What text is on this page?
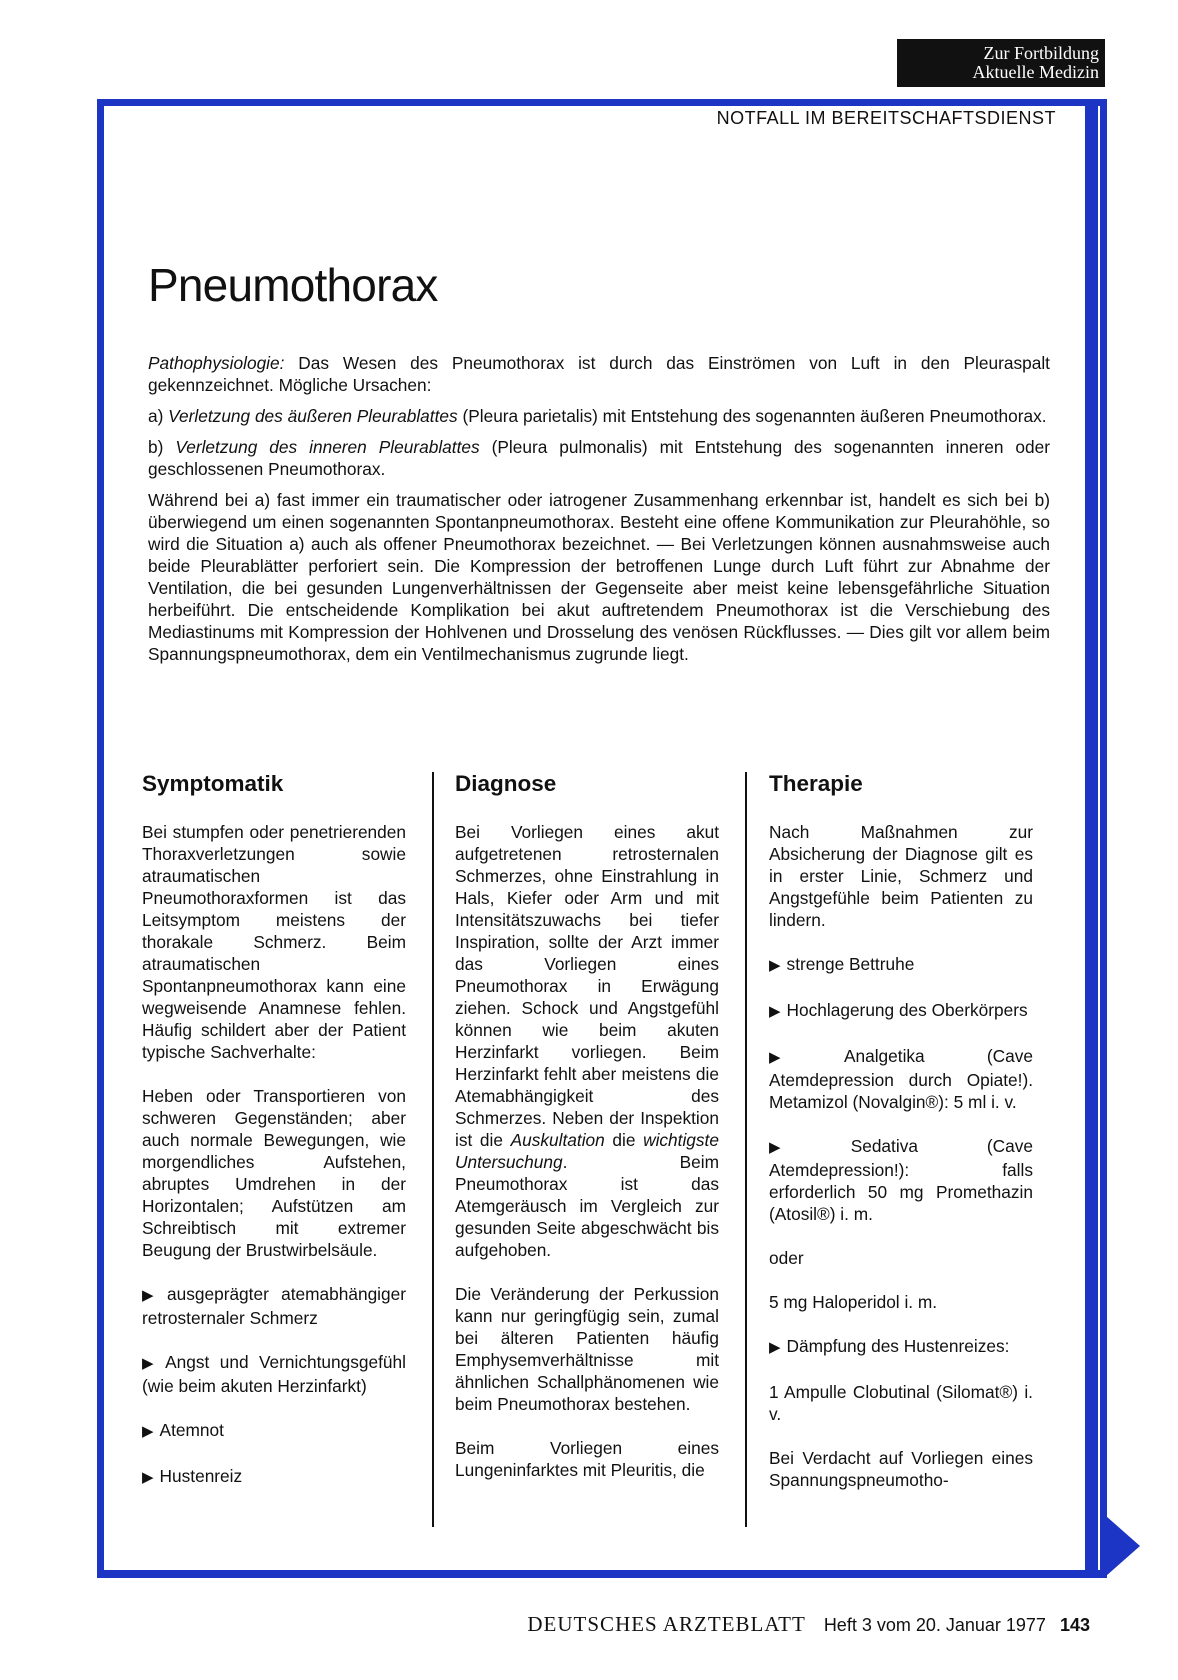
Zur Fortbildung
Aktuelle Medizin
NOTFALL IM BEREITSCHAFTSDIENST
Pneumothorax

Pathophysiologie: Das Wesen des Pneumothorax ist durch das Einströmen von Luft in den Pleuraspalt gekennzeichnet. Mögliche Ursachen:

a) Verletzung des äußeren Pleurablattes (Pleura parietalis) mit Entstehung des sogenannten äußeren Pneumothorax.

b) Verletzung des inneren Pleurablattes (Pleura pulmonalis) mit Entstehung des sogenannten inneren oder geschlossenen Pneumothorax.

Während bei a) fast immer ein traumatischer oder iatrogener Zusammenhang erkennbar ist, handelt es sich bei b) überwiegend um einen sogenannten Spontanpneumothorax. Besteht eine offene Kommunikation zur Pleurahöhle, so wird die Situation a) auch als offener Pneumothorax bezeichnet. — Bei Verletzungen können ausnahmsweise auch beide Pleurablätter perforiert sein. Die Kompression der betroffenen Lunge durch Luft führt zur Abnahme der Ventilation, die bei gesunden Lungenverhältnissen der Gegenseite aber meist keine lebensgefährliche Situation herbeiführt. Die entscheidende Komplikation bei akut auftretendem Pneumothorax ist die Verschiebung des Mediastinums mit Kompression der Hohlvenen und Drosselung des venösen Rückflusses. — Dies gilt vor allem beim Spannungspneumothorax, dem ein Ventilmechanismus zugrunde liegt.

Symptomatik

Bei stumpfen oder penetrierenden Thoraxverletzungen sowie atraumatischen Pneumothoraxformen ist das Leitsymptom meistens der thorakale Schmerz. Beim atraumatischen Spontanpneumothorax kann eine wegweisende Anamnese fehlen. Häufig schildert aber der Patient typische Sachverhalte:

Heben oder Transportieren von schweren Gegenständen; aber auch normale Bewegungen, wie morgendliches Aufstehen, abruptes Umdrehen in der Horizontalen; Aufstützen am Schreibtisch mit extremer Beugung der Brustwirbelsäule.

▶ ausgeprägter atemabhängiger retrosternaler Schmerz

▶ Angst und Vernichtungsgefühl (wie beim akuten Herzinfarkt)

▶ Atemnot

▶ Hustenreiz

Diagnose

Bei Vorliegen eines akut aufgetretenen retrosternalen Schmerzes, ohne Einstrahlung in Hals, Kiefer oder Arm und mit Intensitätszuwachs bei tiefer Inspiration, sollte der Arzt immer das Vorliegen eines Pneumothorax in Erwägung ziehen. Schock und Angstgefühl können wie beim akuten Herzinfarkt vorliegen. Beim Herzinfarkt fehlt aber meistens die Atemabhängigkeit des Schmerzes. Neben der Inspektion ist die Auskultation die wichtigste Untersuchung. Beim Pneumothorax ist das Atemgeräusch im Vergleich zur gesunden Seite abgeschwächt bis aufgehoben.

Die Veränderung der Perkussion kann nur geringfügig sein, zumal bei älteren Patienten häufig Emphysemverhältnisse mit ähnlichen Schallphänomenen wie beim Pneumothorax bestehen.

Beim Vorliegen eines Lungeninfarktes mit Pleuritis, die

Therapie

Nach Maßnahmen zur Absicherung der Diagnose gilt es in erster Linie, Schmerz und Angstgefühle beim Patienten zu lindern.

▶ strenge Bettruhe

▶ Hochlagerung des Oberkörpers

▶ Analgetika (Cave Atemdepression durch Opiate!). Metamizol (Novalgin®): 5 ml i. v.

▶ Sedativa (Cave Atemdepression!): falls erforderlich 50 mg Promethazin (Atosil®) i. m.

oder

5 mg Haloperidol i. m.

▶ Dämpfung des Hustenreizes:

1 Ampulle Clobutinal (Silomat®) i. v.

Bei Verdacht auf Vorliegen eines Spannungspneumotho-

DEUTSCHES ARZTEBLATT Heft 3 vom 20. Januar 1977 143
